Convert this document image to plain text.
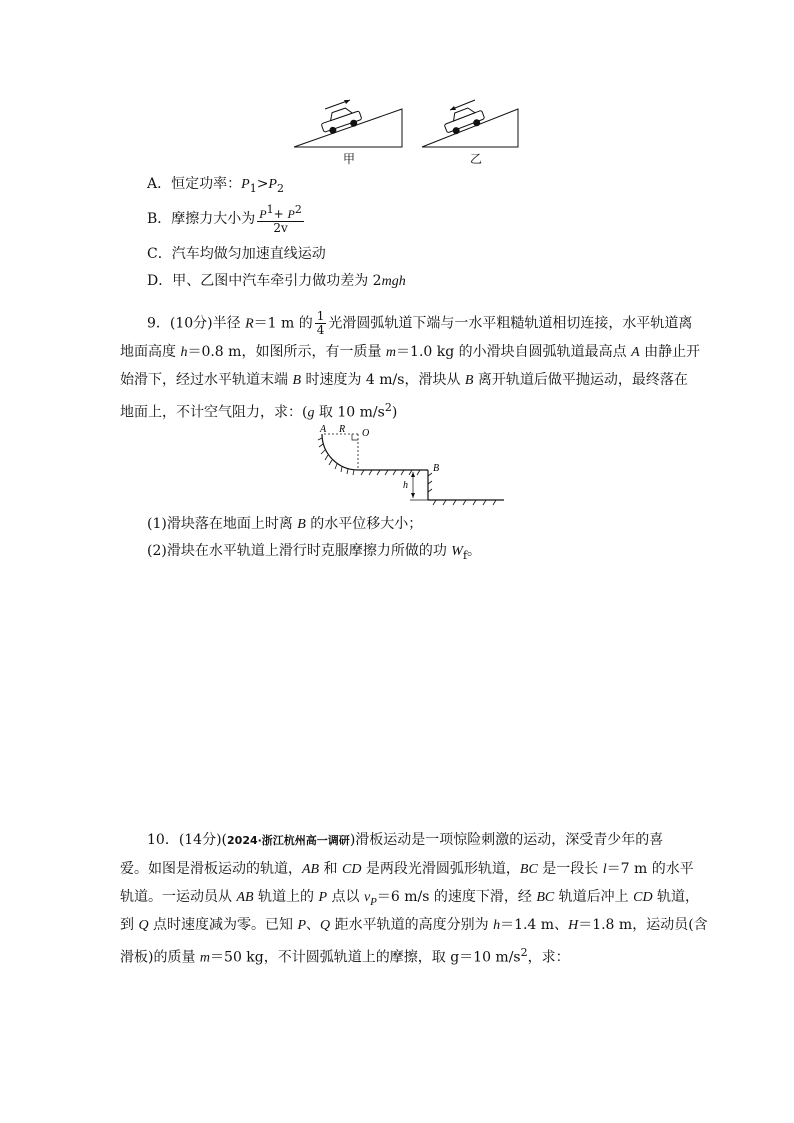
甲	乙
A．恒定功率：$P_1>P_2$
B．摩擦力大小为 $\frac{P^1+ P^2}{2v}$
C．汽车均做匀加速直线运动
D．甲、乙图中汽车牵引力做功差为 2mgh
9．(10分)半径 R＝1 m 的 $\frac{1}{4}$ 光滑圆弧轨道下端与一水平粗糙轨道相切连接，水平轨道离
地面高度 h＝0.8 m，如图所示，有一质量 m＝1.0 kg 的小滑块自圆弧轨道最高点 A 由静止开
始滑下，经过水平轨道末端 B 时速度为 4 m/s，滑块从 B 离开轨道后做平抛运动，最终落在
地面上，不计空气阻力，求：(g 取 10 $m/s^2$)
A R O
B
h
(1)滑块落在地面上时离 B 的水平位移大小；
(2)滑块在水平轨道上滑行时克服摩擦力所做的功 $W_f$。
10．(14分)(2024·浙江杭州高一调研)滑板运动是一项惊险刺激的运动，深受青少年的喜
爱。如图是滑板运动的轨道，AB 和 CD 是两段光滑圆弧形轨道，BC 是一段长 l＝7 m 的水平
轨道。一运动员从 AB 轨道上的 P 点以 $v_P=6$ m/s 的速度下滑，经 BC 轨道后冲上 CD 轨道，
到 Q 点时速度减为零。已知 P、Q 距水平轨道的高度分别为 h＝1.4 m、H＝1.8 m，运动员(含
滑板)的质量 m＝50 kg，不计圆弧轨道上的摩擦，取 g＝10 $m/s^2$，求：
